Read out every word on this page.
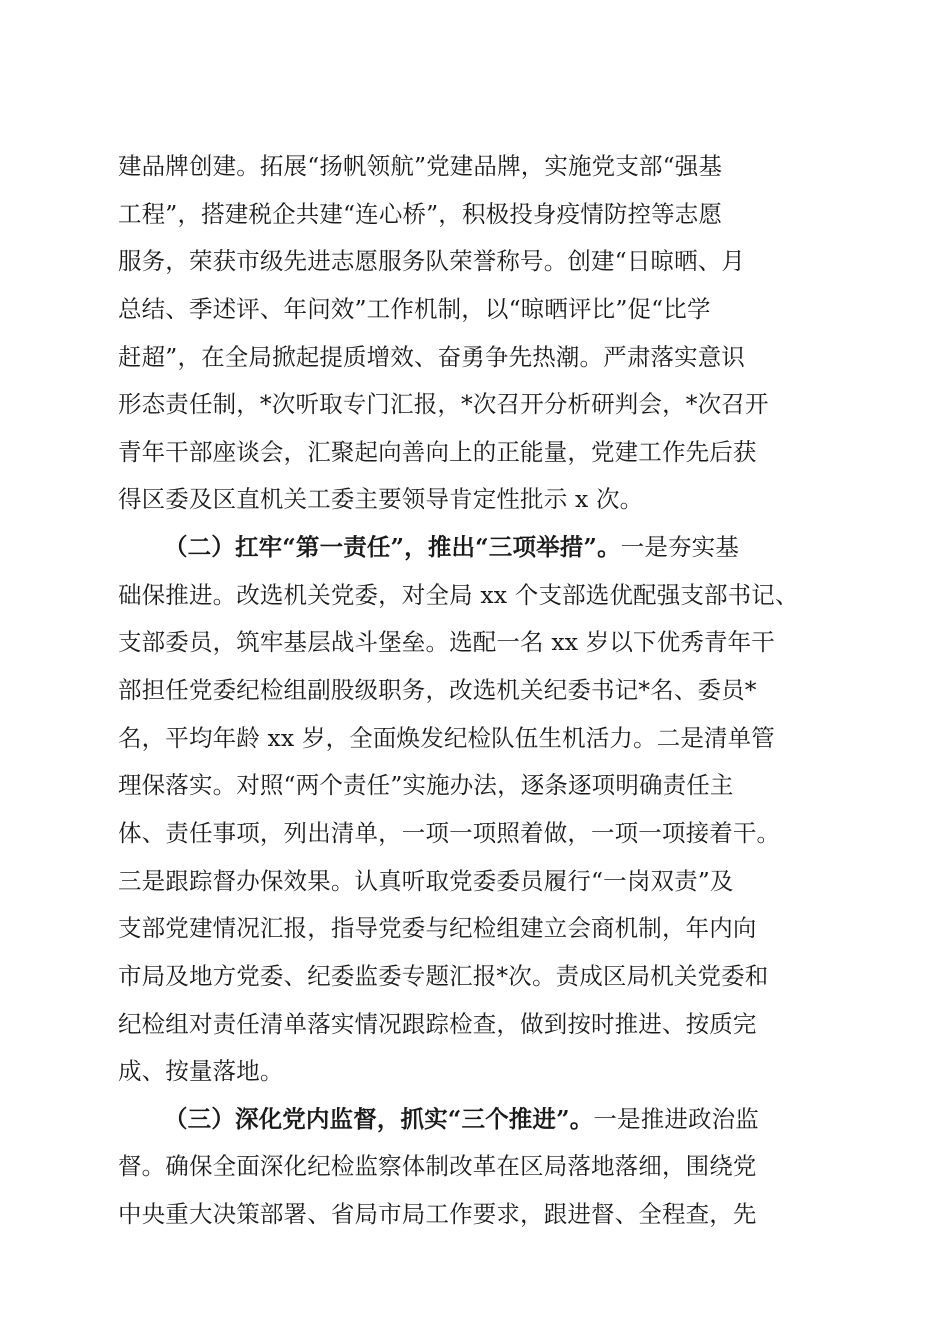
建品牌创建。拓展“扬帆领航”党建品牌，实施党支部“强基
工程”，搭建税企共建“连心桥”，积极投身疫情防控等志愿
服务，荣获市级先进志愿服务队荣誉称号。创建“日晾晒、月
总结、季述评、年问效”工作机制，以“晾晒评比”促“比学
赶超”，在全局掀起提质增效、奋勇争先热潮。严肃落实意识
形态责任制，*次听取专门汇报，*次召开分析研判会，*次召开
青年干部座谈会，汇聚起向善向上的正能量，党建工作先后获
得区委及区直机关工委主要领导肯定性批示 x 次。
（二）扛牢“第一责任”，推出“三项举措”。一是夯实基
础保推进。改选机关党委，对全局 xx 个支部选优配强支部书记、
支部委员，筑牢基层战斗堡垒。选配一名 xx 岁以下优秀青年干
部担任党委纪检组副股级职务，改选机关纪委书记*名、委员*
名，平均年龄 xx 岁，全面焕发纪检队伍生机活力。二是清单管
理保落实。对照“两个责任”实施办法，逐条逐项明确责任主
体、责任事项，列出清单，一项一项照着做，一项一项接着干。
三是跟踪督办保效果。认真听取党委委员履行“一岗双责”及
支部党建情况汇报，指导党委与纪检组建立会商机制，年内向
市局及地方党委、纪委监委专题汇报*次。责成区局机关党委和
纪检组对责任清单落实情况跟踪检查，做到按时推进、按质完
成、按量落地。
（三）深化党内监督，抓实“三个推进”。一是推进政治监
督。确保全面深化纪检监察体制改革在区局落地落细，围绕党
中央重大决策部署、省局市局工作要求，跟进督、全程查，先
